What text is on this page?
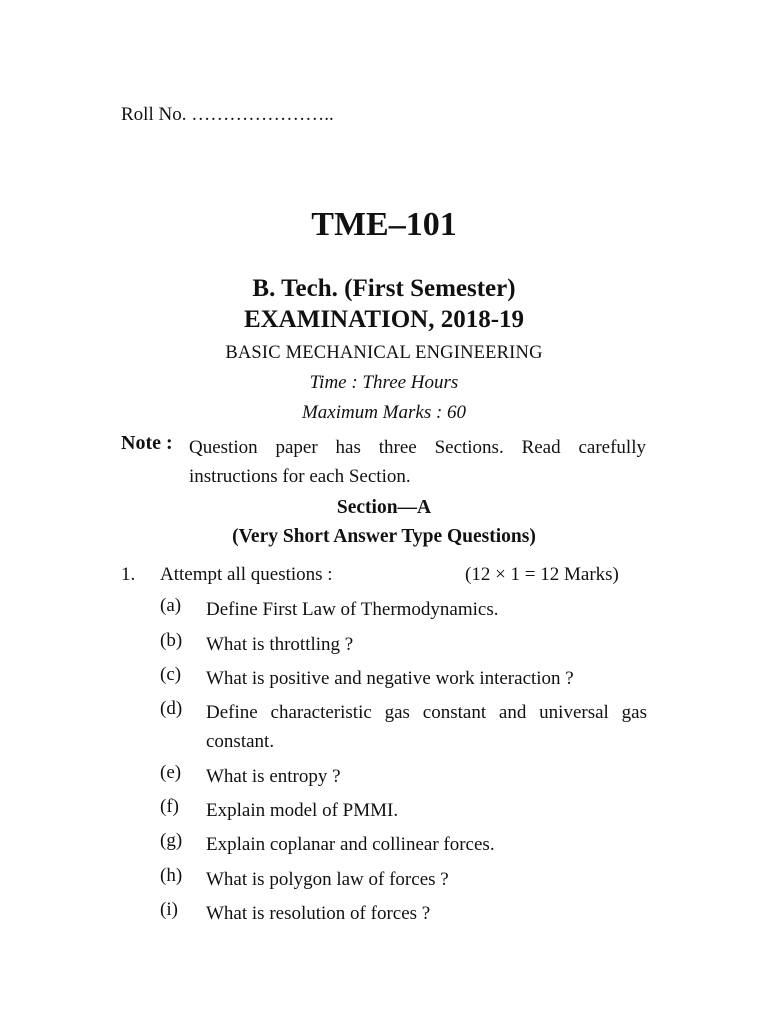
Roll No. …………………..
TME–101
B. Tech. (First Semester)
EXAMINATION, 2018-19
BASIC MECHANICAL ENGINEERING
Time : Three Hours
Maximum Marks : 60
Note : Question paper has three Sections. Read carefully instructions for each Section.
Section—A
(Very Short Answer Type Questions)
1. Attempt all questions :	(12 × 1 = 12 Marks)
(a) Define First Law of Thermodynamics.
(b) What is throttling ?
(c) What is positive and negative work interaction ?
(d) Define characteristic gas constant and universal gas constant.
(e) What is entropy ?
(f) Explain model of PMMI.
(g) Explain coplanar and collinear forces.
(h) What is polygon law of forces ?
(i) What is resolution of forces ?
